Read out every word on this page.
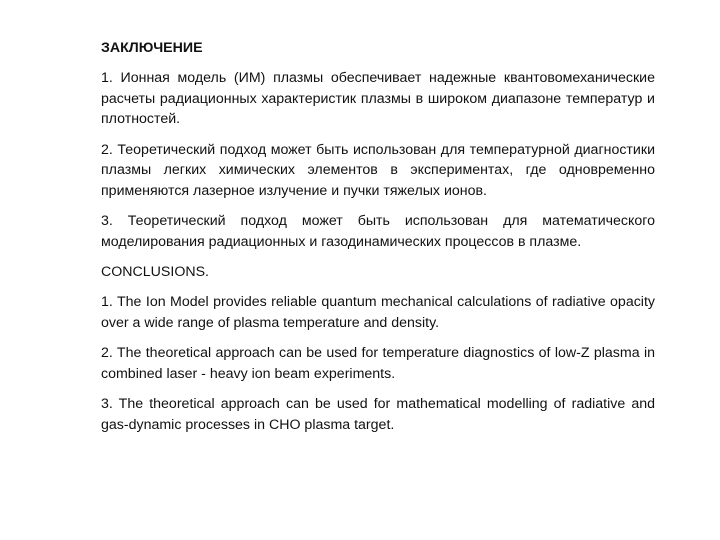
ЗАКЛЮЧЕНИЕ

1. Ионная модель (ИМ) плазмы обеспечивает надежные квантовомеханические расчеты радиационных характеристик плазмы в широком диапазоне температур и плотностей.

2. Теоретический подход может быть использован для температурной диагностики плазмы легких химических элементов в экспериментах, где одновременно применяются лазерное излучение и пучки тяжелых ионов.

3. Теоретический подход может быть использован для математического моделирования радиационных и газодинамических процессов в плазме.

CONCLUSIONS.

1. The Ion Model provides reliable quantum mechanical calculations of radiative opacity over a wide range of plasma temperature and density.

2. The theoretical approach can be used for temperature diagnostics of low-Z plasma in combined laser - heavy ion beam experiments.

3. The theoretical approach can be used for mathematical modelling of radiative and gas-dynamic processes in CHO plasma target.
